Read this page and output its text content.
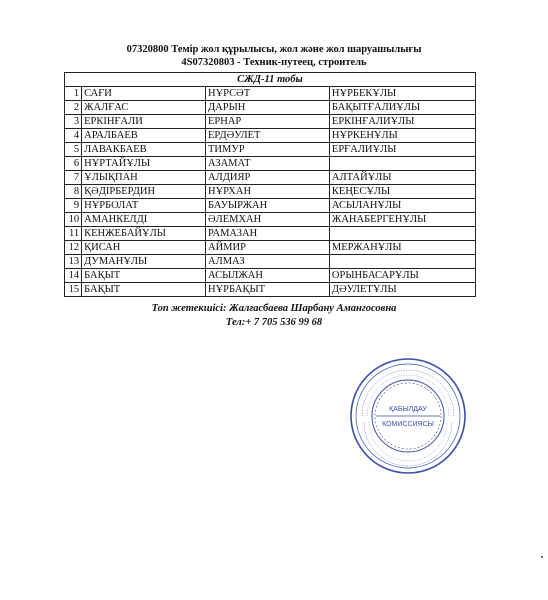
07320800 Темір жол құрылысы, жол және жол шаруашылығы
4S07320803 - Техник-путеец, строитель
СЖД-11 тобы			
1	САҒИ	НҰРСӘТ	НҰРБЕКҰЛЫ
2	ЖАЛҒАС	ДАРЫН	БАҚЫТҒАЛИҰЛЫ
3	ЕРКІНҒАЛИ	ЕРНАР	ЕРКІНҒАЛИҰЛЫ
4	АРАЛБАЕВ	ЕРДӘУЛЕТ	НҰРКЕНҰЛЫ
5	ЛАВАКБАЕВ	ТИМУР	ЕРҒАЛИҰЛЫ
6	НҰРТАЙҰЛЫ	АЗАМАТ	
7	ҰЛЫҚПАН	АЛДИЯР	АЛТАЙҰЛЫ
8	ҚӘДІРБЕРДИН	НҰРХАН	КЕҢЕСҰЛЫ
9	НҰРБОЛАТ	БАУЫРЖАН	АСЫЛАНҰЛЫ
10	АМАНКЕЛДІ	ӘЛЕМХАН	ЖАНАБЕРГЕНҰЛЫ
11	КЕНЖЕБАЙҰЛЫ	РАМАЗАН	
12	ҚИСАН	АЙМИР	МЕРЖАНҰЛЫ
13	ДУМАНҰЛЫ	АЛМАЗ	
14	БАҚЫТ	АСЫЛЖАН	ОРЫНБАСАРҰЛЫ
15	БАҚЫТ	НҰРБАҚЫТ	ДӘУЛЕТҰЛЫ
Топ жетекшісі: Жалғасбаева Шарбану Амангосовна
Тел:+ 7 705 536 99 68
ҚАБЫЛДАУ
КОМИССИЯСЫ
